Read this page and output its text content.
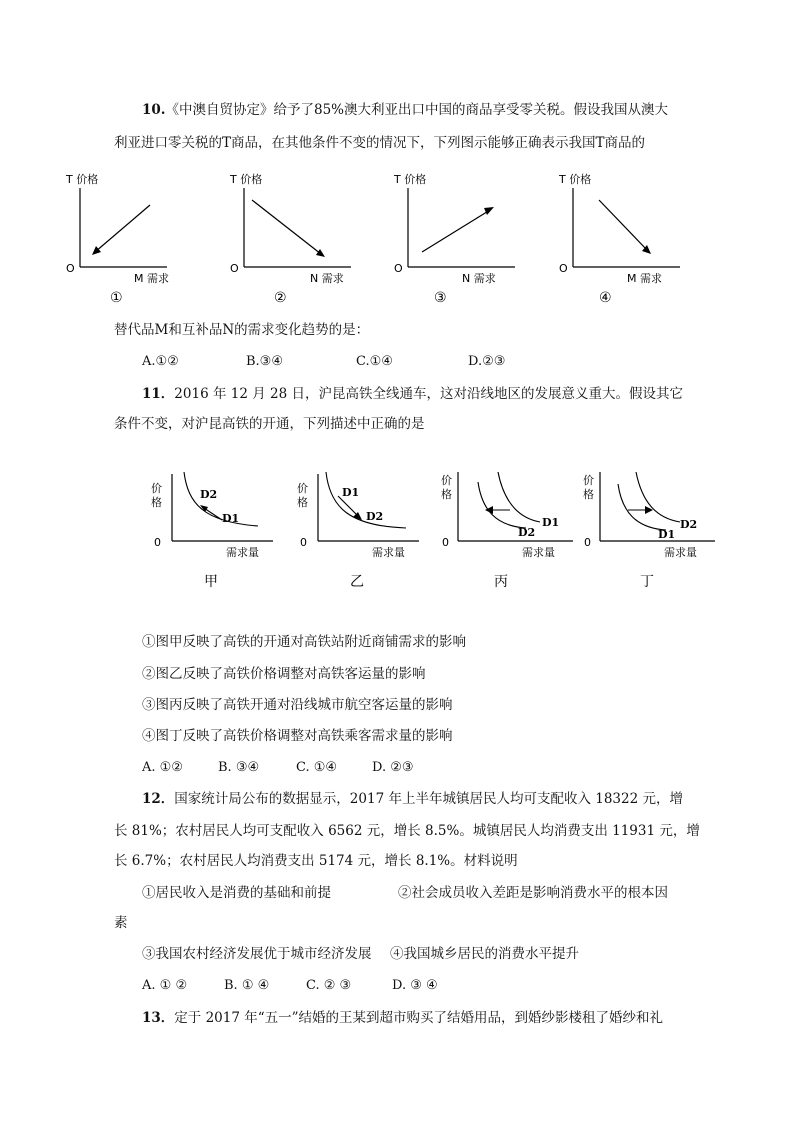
10.《中澳自贸协定》给予了85%澳大利亚出口中国的商品享受零关税。假设我国从澳大
利亚进口零关税的T商品，在其他条件不变的情况下，下列图示能够正确表示我国T商品的
T 价格
O
M 需求
①
T 价格
O
N 需求
②
T 价格
O
N 需求
③
T 价格
O
M 需求
④
替代品M和互补品N的需求变化趋势的是：
A.①②	B.③④	C.①④	D.②③
11．2016 年 12 月 28 日，沪昆高铁全线通车，这对沿线地区的发展意义重大。假设其它
条件不变，对沪昆高铁的开通，下列描述中正确的是
价
格
0
需求量
D2
D1
甲
价
格
0
需求量
D1
D2
乙
价
格
0
需求量
D2
D1
丙
价
格
0
需求量
D1
D2
丁
①图甲反映了高铁的开通对高铁站附近商铺需求的影响
②图乙反映了高铁价格调整对高铁客运量的影响
③图丙反映了高铁开通对沿线城市航空客运量的影响
④图丁反映了高铁价格调整对高铁乘客需求量的影响
A. ①②	B. ③④	C. ①④	D. ②③
12．国家统计局公布的数据显示，2017 年上半年城镇居民人均可支配收入 18322 元，增
长 81%；农村居民人均可支配收入 6562 元，增长 8.5%。城镇居民人均消费支出 11931 元，增
长 6.7%；农村居民人均消费支出 5174 元，增长 8.1%。材料说明
①居民收入是消费的基础和前提	②社会成员收入差距是影响消费水平的根本因
素
③我国农村经济发展优于城市经济发展 ④我国城乡居民的消费水平提升
A. ① ②	B. ① ④	C. ② ③	D. ③ ④
13．定于 2017 年“五一”结婚的王某到超市购买了结婚用品，到婚纱影楼租了婚纱和礼
